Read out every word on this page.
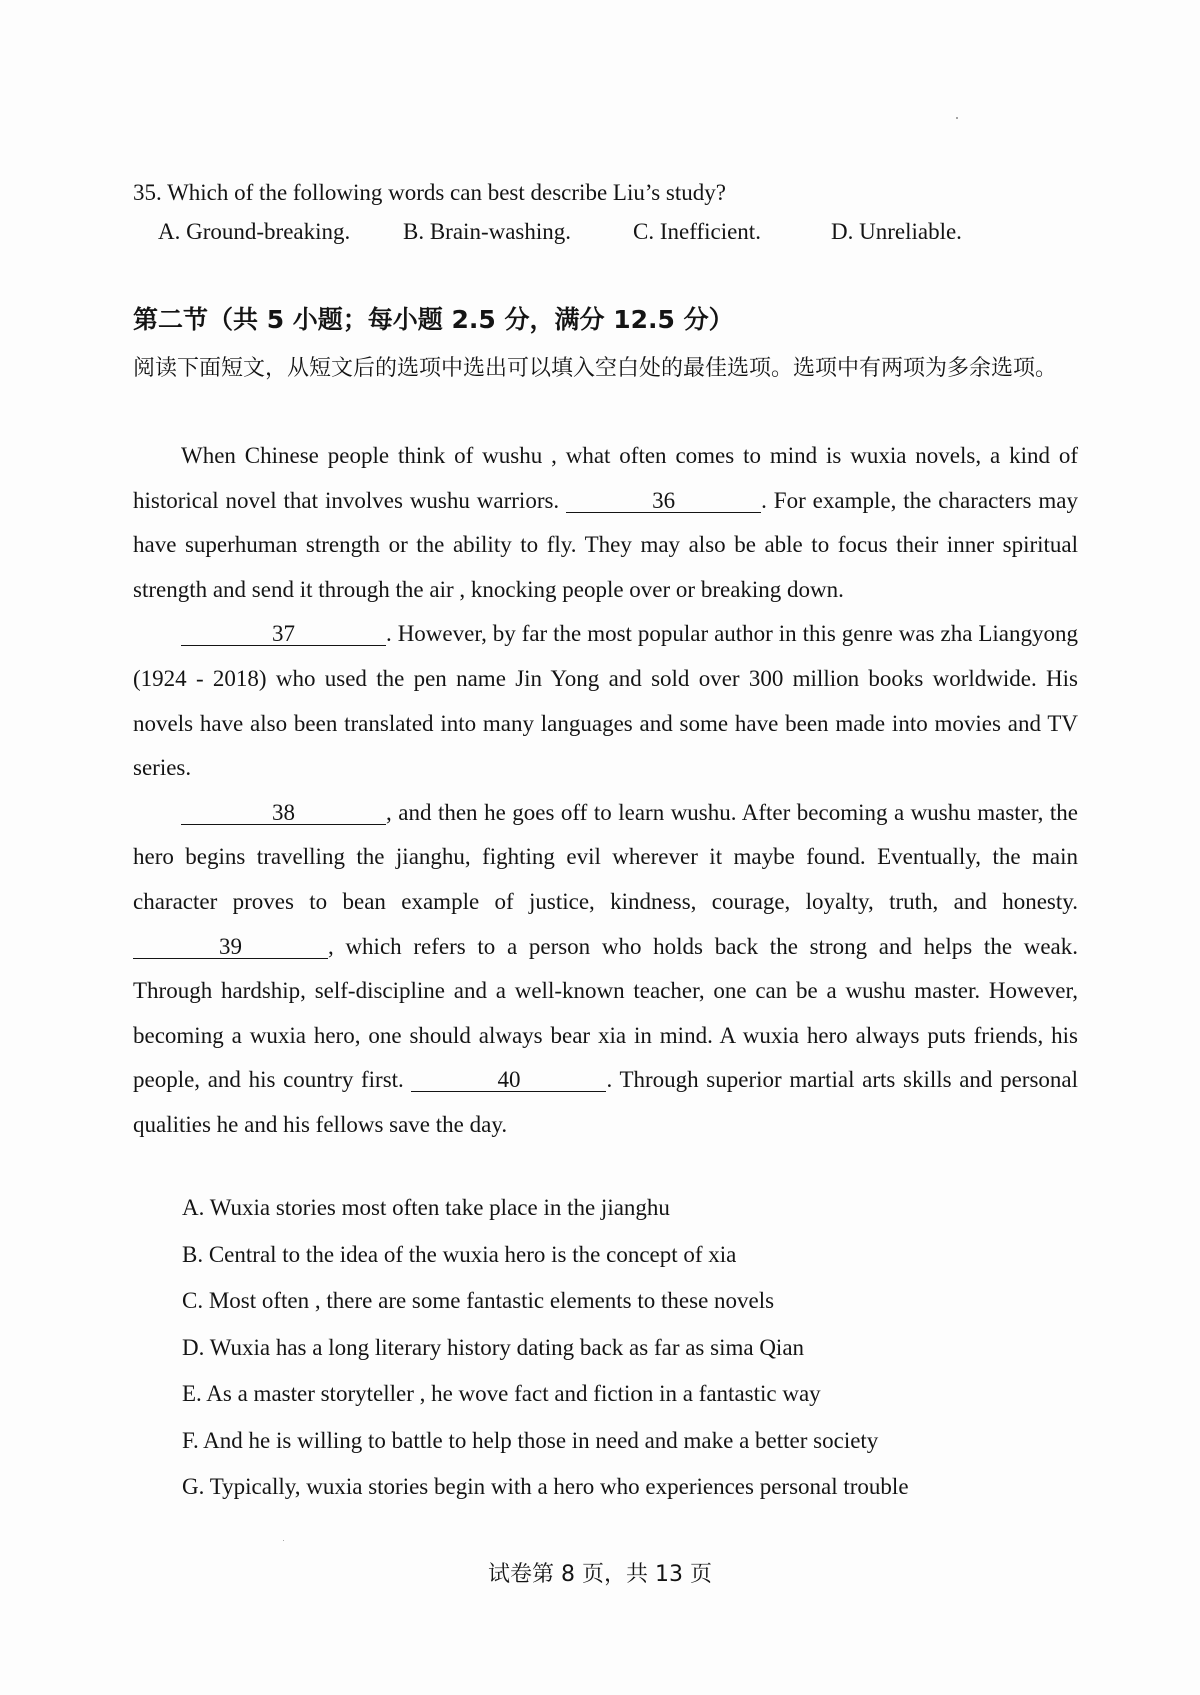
35. Which of the following words can best describe Liu’s study?
A. Ground-breaking. B. Brain-washing.	C. Inefficient.	D. Unreliable.
第二节（共 5 小题；每小题 2.5 分，满分 12.5 分）
阅读下面短文，从短文后的选项中选出可以填入空白处的最佳选项。选项中有两项为多余选项。

When Chinese people think of wushu , what often comes to mind is wuxia novels, a kind of historical novel that involves wushu warriors.	36	. For example, the characters may have superhuman strength or the ability to fly. They may also be able to focus their inner spiritual strength and send it through the air , knocking people over or breaking down.

37	. However, by far the most popular author in this genre was zha Liangyong (1924 - 2018) who used the pen name Jin Yong and sold over 300 million books worldwide. His novels have also been translated into many languages and some have been made into movies and TV series.

38	, and then he goes off to learn wushu. After becoming a wushu master, the hero begins travelling the jianghu, fighting evil wherever it maybe found. Eventually, the main character proves to bean example of justice, kindness, courage, loyalty, truth, and honesty. 39	, which refers to a person who holds back the strong and helps the weak. Through hardship, self-discipline and a well-known teacher, one can be a wushu master. However, becoming a wuxia hero, one should always bear xia in mind. A wuxia hero always puts friends, his people, and his country first.	40	. Through superior martial arts skills and personal qualities he and his fellows save the day.

A. Wuxia stories most often take place in the jianghu
B. Central to the idea of the wuxia hero is the concept of xia
C. Most often , there are some fantastic elements to these novels
D. Wuxia has a long literary history dating back as far as sima Qian
E. As a master storyteller , he wove fact and fiction in a fantastic way
F. And he is willing to battle to help those in need and make a better society
G. Typically, wuxia stories begin with a hero who experiences personal trouble
试卷第 8 页，共 13 页
